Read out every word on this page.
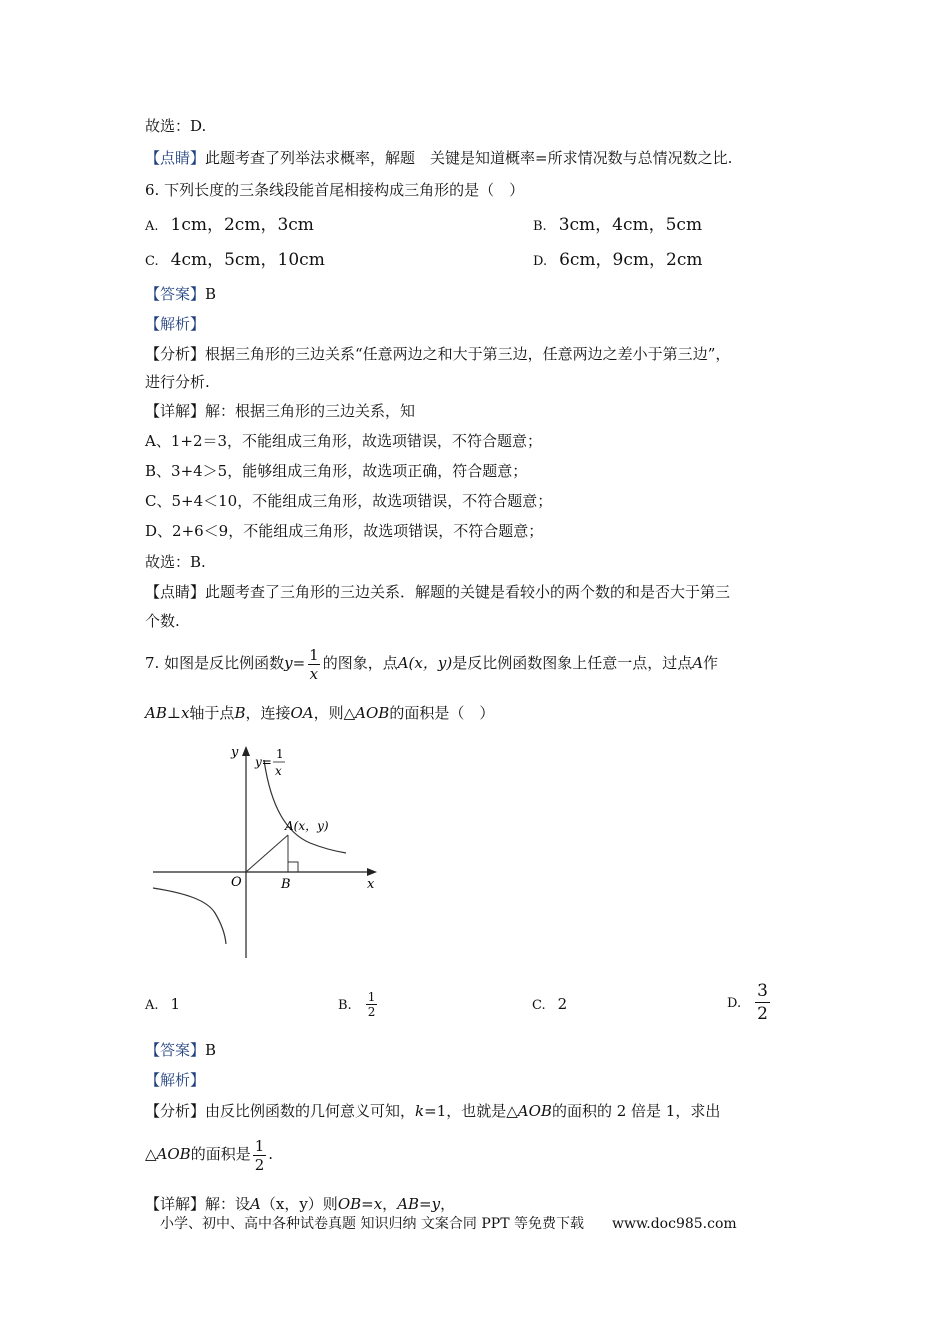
故选：D.
【点睛】此题考查了列举法求概率，解题　关键是知道概率=所求情况数与总情况数之比.
6. 下列长度的三条线段能首尾相接构成三角形的是（　）
A. 1cm，2cm，3cm	B. 3cm，4cm，5cm
C. 4cm，5cm，10cm	D. 6cm，9cm，2cm
【答案】B
【解析】
【分析】根据三角形的三边关系“任意两边之和大于第三边，任意两边之差小于第三边”，
进行分析.
【详解】解：根据三角形的三边关系，知
A、1+2＝3，不能组成三角形，故选项错误，不符合题意；
B、3+4＞5，能够组成三角形，故选项正确，符合题意；
C、5+4＜10，不能组成三角形，故选项错误，不符合题意；
D、2+6＜9，不能组成三角形，故选项错误，不符合题意；
故选：B.
【点睛】此题考查了三角形的三边关系．解题的关键是看较小的两个数的和是否大于第三
个数.
7. 如图是反比例函数$y= \frac{1}{x}$ 的图象，点A(x，y)是反比例函数图象上任意一点，过点A作
AB⊥x轴于点B，连接OA，则△AOB的面积是（　）
y
x
O	B
A(x，y)
y=
1
x
A. 1	B. $\frac{1}{2}$	C. 2	D. $\frac{3}{2}$
【答案】B
【解析】
【分析】由反比例函数的几何意义可知，k=1，也就是△AOB的面积的 2 倍是 1，求出
△AOB的面积是 $\frac{1}{2}$ .
【详解】解：设A（x，y）则OB=x，AB=y，
小学、初中、高中各种试卷真题 知识归纳 文案合同 PPT 等免费下载 www.doc985.com
